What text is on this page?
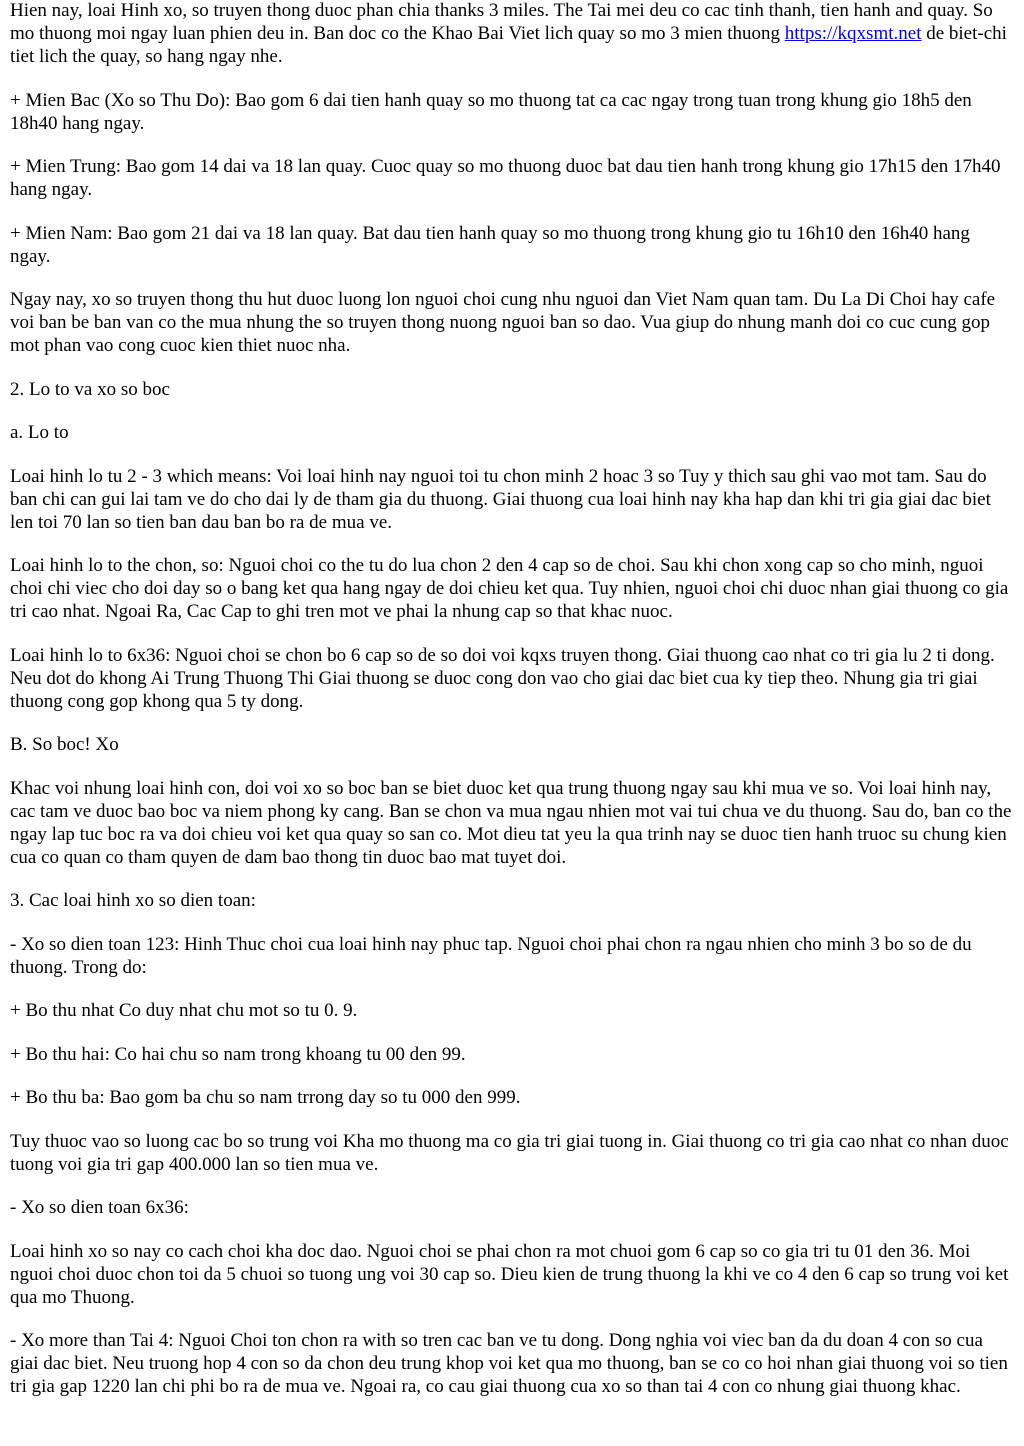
Hien nay, loai Hinh xo, so truyen thong duoc phan chia thanks 3 miles. The Tai mei deu co cac tinh thanh, tien hanh and quay. So mo thuong moi ngay luan phien deu in. Ban doc co the Khao Bai Viet lich quay so mo 3 mien thuong https://kqxsmt.net de biet-chi tiet lich the quay, so hang ngay nhe.

+ Mien Bac (Xo so Thu Do): Bao gom 6 dai tien hanh quay so mo thuong tat ca cac ngay trong tuan trong khung gio 18h5 den 18h40 hang ngay.

+ Mien Trung: Bao gom 14 dai va 18 lan quay. Cuoc quay so mo thuong duoc bat dau tien hanh trong khung gio 17h15 den 17h40 hang ngay.

+ Mien Nam: Bao gom 21 dai va 18 lan quay. Bat dau tien hanh quay so mo thuong trong khung gio tu 16h10 den 16h40 hang ngay.

Ngay nay, xo so truyen thong thu hut duoc luong lon nguoi choi cung nhu nguoi dan Viet Nam quan tam. Du La Di Choi hay cafe voi ban be ban van co the mua nhung the so truyen thong nuong nguoi ban so dao. Vua giup do nhung manh doi co cuc cung gop mot phan vao cong cuoc kien thiet nuoc nha.

2. Lo to va xo so boc

a. Lo to

Loai hinh lo tu 2 - 3 which means: Voi loai hinh nay nguoi toi tu chon minh 2 hoac 3 so Tuy y thich sau ghi vao mot tam. Sau do ban chi can gui lai tam ve do cho dai ly de tham gia du thuong. Giai thuong cua loai hinh nay kha hap dan khi tri gia giai dac biet len toi 70 lan so tien ban dau ban bo ra de mua ve.

Loai hinh lo to the chon, so: Nguoi choi co the tu do lua chon 2 den 4 cap so de choi. Sau khi chon xong cap so cho minh, nguoi choi chi viec cho doi day so o bang ket qua hang ngay de doi chieu ket qua. Tuy nhien, nguoi choi chi duoc nhan giai thuong co gia tri cao nhat. Ngoai Ra, Cac Cap to ghi tren mot ve phai la nhung cap so that khac nuoc.

Loai hinh lo to 6x36: Nguoi choi se chon bo 6 cap so de so doi voi kqxs truyen thong. Giai thuong cao nhat co tri gia lu 2 ti dong. Neu dot do khong Ai Trung Thuong Thi Giai thuong se duoc cong don vao cho giai dac biet cua ky tiep theo. Nhung gia tri giai thuong cong gop khong qua 5 ty dong.

B. So boc! Xo

Khac voi nhung loai hinh con, doi voi xo so boc ban se biet duoc ket qua trung thuong ngay sau khi mua ve so. Voi loai hinh nay, cac tam ve duoc bao boc va niem phong ky cang. Ban se chon va mua ngau nhien mot vai tui chua ve du thuong. Sau do, ban co the ngay lap tuc boc ra va doi chieu voi ket qua quay so san co. Mot dieu tat yeu la qua trinh nay se duoc tien hanh truoc su chung kien cua co quan co tham quyen de dam bao thong tin duoc bao mat tuyet doi.

3. Cac loai hinh xo so dien toan:

- Xo so dien toan 123: Hinh Thuc choi cua loai hinh nay phuc tap. Nguoi choi phai chon ra ngau nhien cho minh 3 bo so de du thuong. Trong do:

+ Bo thu nhat Co duy nhat chu mot so tu 0. 9.

+ Bo thu hai: Co hai chu so nam trong khoang tu 00 den 99.

+ Bo thu ba: Bao gom ba chu so nam trrong day so tu 000 den 999.

Tuy thuoc vao so luong cac bo so trung voi Kha mo thuong ma co gia tri giai tuong in. Giai thuong co tri gia cao nhat co nhan duoc tuong voi gia tri gap 400.000 lan so tien mua ve.

- Xo so dien toan 6x36:

Loai hinh xo so nay co cach choi kha doc dao. Nguoi choi se phai chon ra mot chuoi gom 6 cap so co gia tri tu 01 den 36. Moi nguoi choi duoc chon toi da 5 chuoi so tuong ung voi 30 cap so. Dieu kien de trung thuong la khi ve co 4 den 6 cap so trung voi ket qua mo Thuong.

- Xo more than Tai 4: Nguoi Choi ton chon ra with so tren cac ban ve tu dong. Dong nghia voi viec ban da du doan 4 con so cua giai dac biet. Neu truong hop 4 con so da chon deu trung khop voi ket qua mo thuong, ban se co co hoi nhan giai thuong voi so tien tri gia gap 1220 lan chi phi bo ra de mua ve. Ngoai ra, co cau giai thuong cua xo so than tai 4 con co nhung giai thuong khac.
